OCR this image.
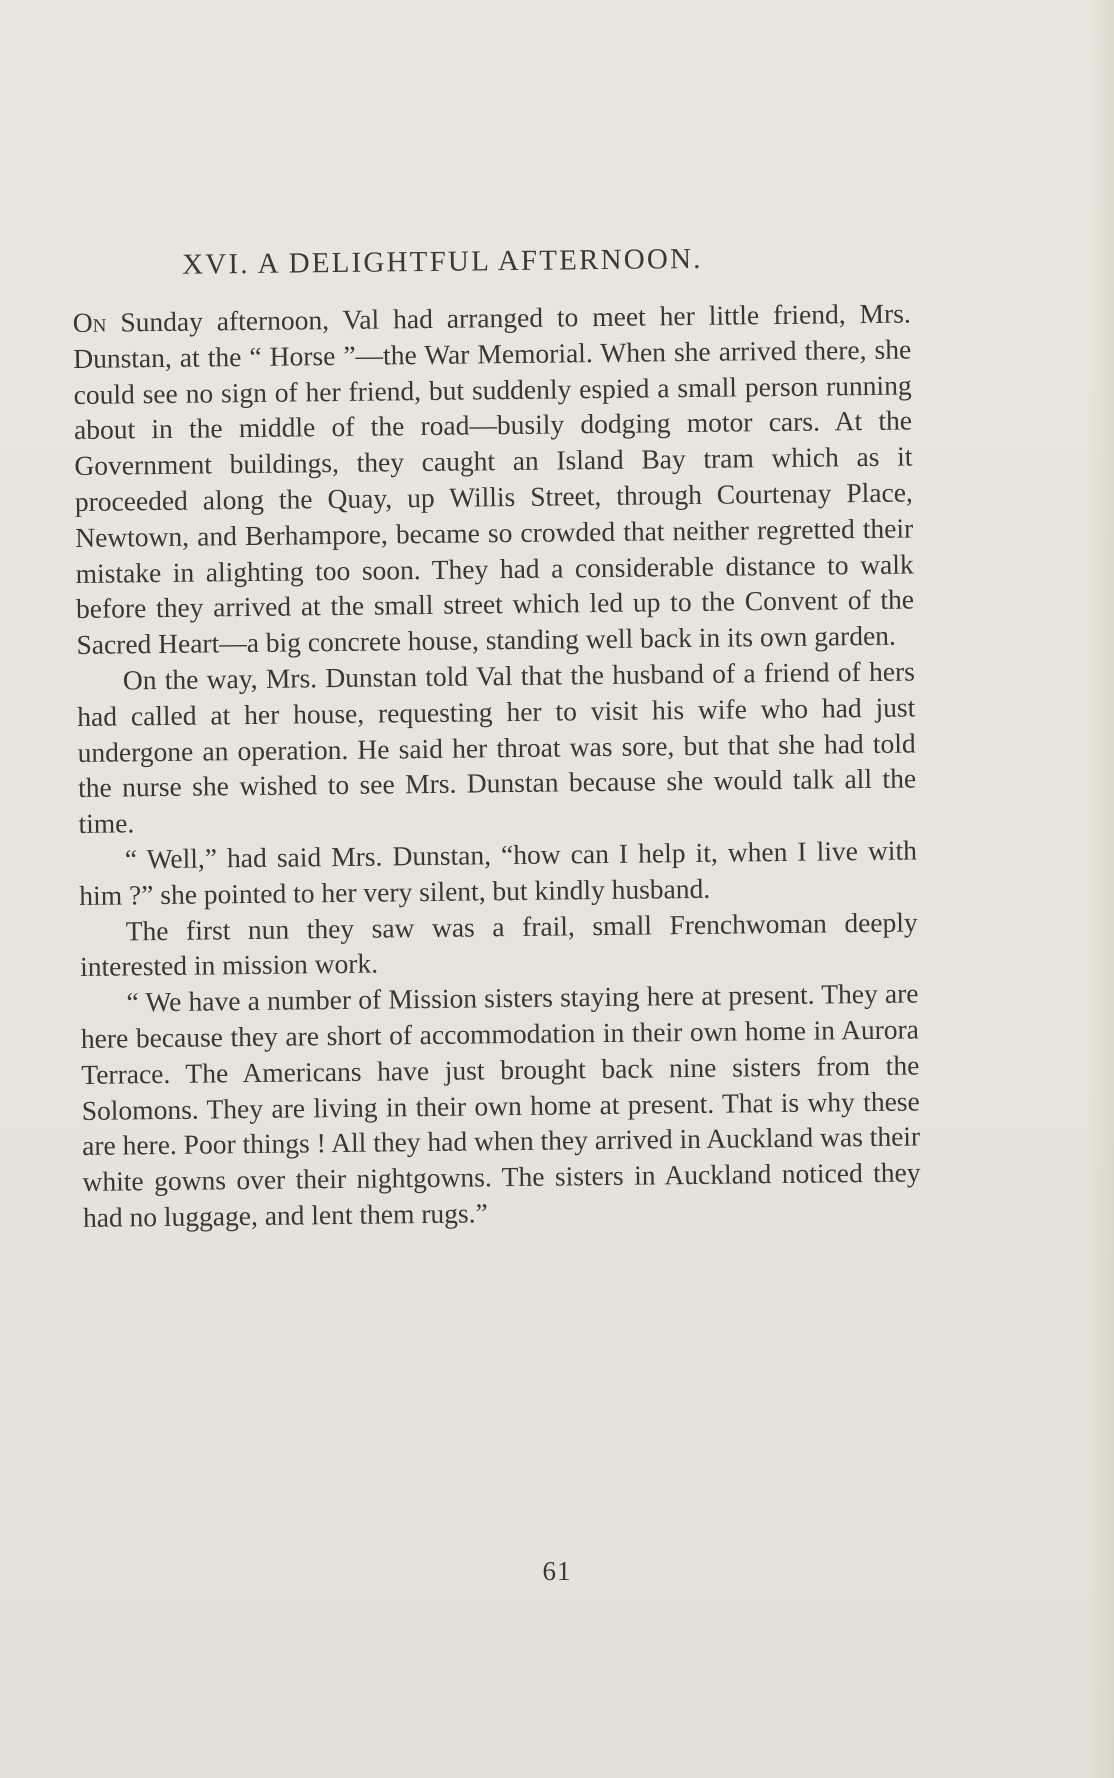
XVI. A DELIGHTFUL AFTERNOON.

On Sunday afternoon, Val had arranged to meet her little friend, Mrs. Dunstan, at the “ Horse ”—the War Memorial. When she arrived there, she could see no sign of her friend, but suddenly espied a small person running about in the middle of the road—busily dodging motor cars. At the Government buildings, they caught an Island Bay tram which as it proceeded along the Quay, up Willis Street, through Courtenay Place, Newtown, and Berhampore, became so crowded that neither regretted their mistake in alighting too soon. They had a considerable distance to walk before they arrived at the small street which led up to the Convent of the Sacred Heart—a big concrete house, standing well back in its own garden.

On the way, Mrs. Dunstan told Val that the husband of a friend of hers had called at her house, requesting her to visit his wife who had just undergone an operation. He said her throat was sore, but that she had told the nurse she wished to see Mrs. Dunstan because she would talk all the time.

“ Well,” had said Mrs. Dunstan, “how can I help it, when I live with him ?” she pointed to her very silent, but kindly husband.

The first nun they saw was a frail, small Frenchwoman deeply interested in mission work.

“ We have a number of Mission sisters staying here at present. They are here because they are short of accommodation in their own home in Aurora Terrace. The Americans have just brought back nine sisters from the Solomons. They are living in their own home at present. That is why these are here. Poor things ! All they had when they arrived in Auckland was their white gowns over their nightgowns. The sisters in Auckland noticed they had no luggage, and lent them rugs.”

61
